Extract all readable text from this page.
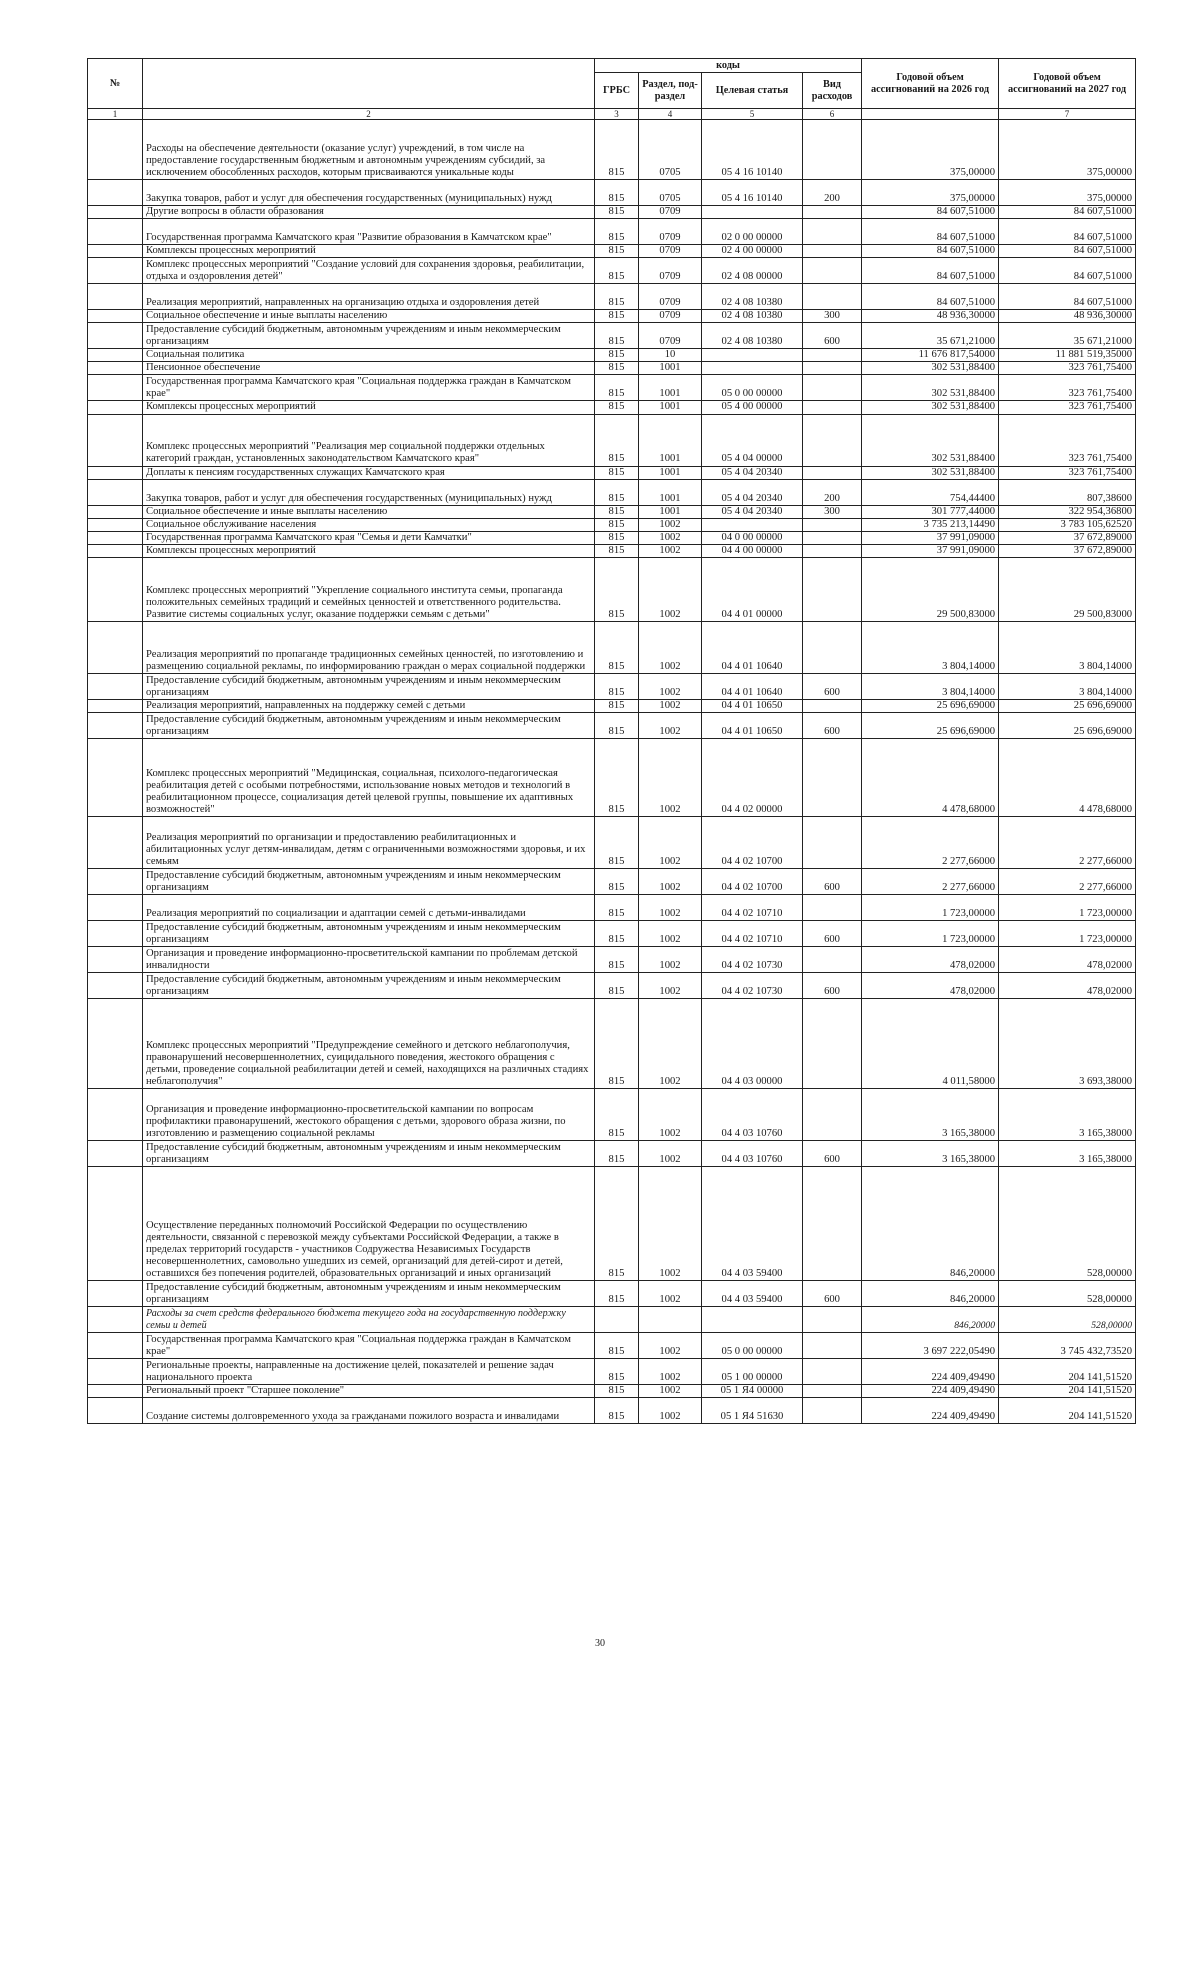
№		коды				Годовой объем ассигнований на 2026 год	Годовой объем ассигнований на 2027 год
		ГРБС	Раздел, под-раздел	Целевая статья	Вид расходов		
1	2	3	4	5	6		7
	Расходы на обеспечение деятельности (оказание услуг) учреждений, в том числе на предоставление государственным бюджетным и автономным учреждениям субсидий, за исключением обособленных расходов, которым присваиваются уникальные коды	815	0705	05 4 16 10140		375,00000	375,00000
	Закупка товаров, работ и услуг для обеспечения государственных (муниципальных) нужд	815	0705	05 4 16 10140	200	375,00000	375,00000
	Другие вопросы в области образования	815	0709			84 607,51000	84 607,51000
	Государственная программа Камчатского края "Развитие образования в Камчатском крае"	815	0709	02 0 00 00000		84 607,51000	84 607,51000
	Комплексы процессных мероприятий	815	0709	02 4 00 00000		84 607,51000	84 607,51000
	Комплекс процессных мероприятий "Создание условий для сохранения здоровья, реабилитации, отдыха и оздоровления детей"	815	0709	02 4 08 00000		84 607,51000	84 607,51000
	Реализация мероприятий, направленных на организацию отдыха и оздоровления детей	815	0709	02 4 08 10380		84 607,51000	84 607,51000
	Социальное обеспечение и иные выплаты населению	815	0709	02 4 08 10380	300	48 936,30000	48 936,30000
	Предоставление субсидий бюджетным, автономным учреждениям и иным некоммерческим организациям	815	0709	02 4 08 10380	600	35 671,21000	35 671,21000
	Социальная политика	815	10			11 676 817,54000	11 881 519,35000
	Пенсионное обеспечение	815	1001			302 531,88400	323 761,75400
	Государственная программа Камчатского края "Социальная поддержка граждан в Камчатском крае"	815	1001	05 0 00 00000		302 531,88400	323 761,75400
	Комплексы процессных мероприятий	815	1001	05 4 00 00000		302 531,88400	323 761,75400
	Комплекс процессных мероприятий "Реализация мер социальной поддержки отдельных категорий граждан, установленных законодательством Камчатского края"	815	1001	05 4 04 00000		302 531,88400	323 761,75400
	Доплаты к пенсиям государственных служащих Камчатского края	815	1001	05 4 04 20340		302 531,88400	323 761,75400
	Закупка товаров, работ и услуг для обеспечения государственных (муниципальных) нужд	815	1001	05 4 04 20340	200	754,44400	807,38600
	Социальное обеспечение и иные выплаты населению	815	1001	05 4 04 20340	300	301 777,44000	322 954,36800
	Социальное обслуживание населения	815	1002			3 735 213,14490	3 783 105,62520
	Государственная программа Камчатского края "Семья и дети Камчатки"	815	1002	04 0 00 00000		37 991,09000	37 672,89000
	Комплексы процессных мероприятий	815	1002	04 4 00 00000		37 991,09000	37 672,89000
	Комплекс процессных мероприятий "Укрепление социального института семьи, пропаганда положительных семейных традиций и семейных ценностей и ответственного родительства. Развитие системы социальных услуг, оказание поддержки семьям с детьми"	815	1002	04 4 01 00000		29 500,83000	29 500,83000
	Реализация мероприятий по пропаганде традиционных семейных ценностей, по изготовлению и размещению социальной рекламы, по информированию граждан о мерах социальной поддержки	815	1002	04 4 01 10640		3 804,14000	3 804,14000
	Предоставление субсидий бюджетным, автономным учреждениям и иным некоммерческим организациям	815	1002	04 4 01 10640	600	3 804,14000	3 804,14000
	Реализация мероприятий, направленных на поддержку семей с детьми	815	1002	04 4 01 10650		25 696,69000	25 696,69000
	Предоставление субсидий бюджетным, автономным учреждениям и иным некоммерческим организациям	815	1002	04 4 01 10650	600	25 696,69000	25 696,69000
	Комплекс процессных мероприятий "Медицинская, социальная, психолого-педагогическая реабилитация детей с особыми потребностями, использование новых методов и технологий в реабилитационном процессе, социализация детей целевой группы, повышение их адаптивных возможностей"	815	1002	04 4 02 00000		4 478,68000	4 478,68000
	Реализация мероприятий по организации и предоставлению реабилитационных и абилитационных услуг детям-инвалидам, детям с ограниченными возможностями здоровья, и их семьям	815	1002	04 4 02 10700		2 277,66000	2 277,66000
	Предоставление субсидий бюджетным, автономным учреждениям и иным некоммерческим организациям	815	1002	04 4 02 10700	600	2 277,66000	2 277,66000
	Реализация мероприятий по социализации и адаптации семей с детьми-инвалидами	815	1002	04 4 02 10710		1 723,00000	1 723,00000
	Предоставление субсидий бюджетным, автономным учреждениям и иным некоммерческим организациям	815	1002	04 4 02 10710	600	1 723,00000	1 723,00000
	Организация и проведение информационно-просветительской кампании по проблемам детской инвалидности	815	1002	04 4 02 10730		478,02000	478,02000
	Предоставление субсидий бюджетным, автономным учреждениям и иным некоммерческим организациям	815	1002	04 4 02 10730	600	478,02000	478,02000
	Комплекс процессных мероприятий "Предупреждение семейного и детского неблагополучия, правонарушений несовершеннолетних, суицидального поведения, жестокого обращения с детьми, проведение социальной реабилитации детей и семей, находящихся на различных стадиях неблагополучия"	815	1002	04 4 03 00000		4 011,58000	3 693,38000
	Организация и проведение информационно-просветительской кампании по вопросам профилактики правонарушений, жестокого обращения с детьми, здорового образа жизни, по изготовлению и размещению социальной рекламы	815	1002	04 4 03 10760		3 165,38000	3 165,38000
	Предоставление субсидий бюджетным, автономным учреждениям и иным некоммерческим организациям	815	1002	04 4 03 10760	600	3 165,38000	3 165,38000
	Осуществление переданных полномочий Российской Федерации по осуществлению деятельности, связанной с перевозкой между субъектами Российской Федерации, а также в пределах территорий государств - участников Содружества Независимых Государств несовершеннолетних, самовольно ушедших из семей, организаций для детей-сирот и детей, оставшихся без попечения родителей, образовательных организаций и иных организаций	815	1002	04 4 03 59400		846,20000	528,00000
	Предоставление субсидий бюджетным, автономным учреждениям и иным некоммерческим организациям	815	1002	04 4 03 59400	600	846,20000	528,00000
	Расходы за счет средств федерального бюджета текущего года на государственную поддержку семьи и детей					846,20000	528,00000
	Государственная программа Камчатского края "Социальная поддержка граждан в Камчатском крае"	815	1002	05 0 00 00000		3 697 222,05490	3 745 432,73520
	Региональные проекты, направленные на достижение целей, показателей и решение задач национального проекта	815	1002	05 1 00 00000		224 409,49490	204 141,51520
	Региональный проект "Старшее поколение"	815	1002	05 1 Я4 00000		224 409,49490	204 141,51520
	Создание системы долговременного ухода за гражданами пожилого возраста и инвалидами	815	1002	05 1 Я4 51630		224 409,49490	204 141,51520
30
